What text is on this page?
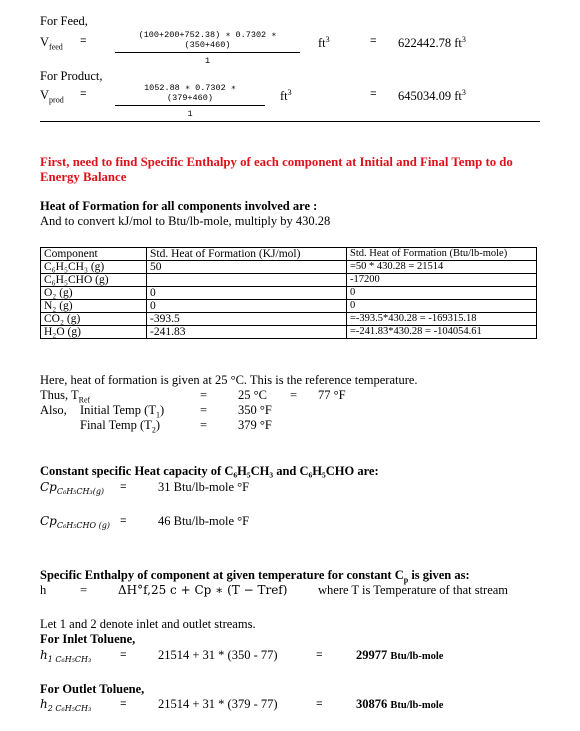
For Feed,
$V_{feed}$ =	$\frac{(100+200+752.38) ∗ 0.7302 ∗ (350+460)}{1} ft^3$	= 622442.78 $ft^3$
For Product,
$V_{prod}$ =	$\frac{1052.88 ∗ 0.7302 ∗ (379+460)}{1} ft^3$	= 645034.09 $ft^3$
First, need to find Specific Enthalpy of each component at Initial and Final Temp to do Energy Balance
Heat of Formation for all components involved are :
And to convert kJ/mol to Btu/lb-mole, multiply by 430.28
Component	Std. Heat of Formation (KJ/mol)	Std. Heat of Formation (Btu/lb-mole)
C₆H₅CH₃ (g)	50	=50 * 430.28 = 21514
C₆H₅CHO (g)		-17200
O₂ (g)	0	0
N₂ (g)	0	0
CO₂ (g)	-393.5	=-393.5*430.28 = -169315.18
H₂O (g)	-241.83	=-241.83*430.28 = -104054.61
Here, heat of formation is given at 25 °C. This is the reference temperature.
Thus, $T_{Ref}$	= 25 °C = 77 °F
Also, Initial Temp $(T_1)$	= 350 °F
Final Temp $(T_2)$	= 379 °F
Constant specific Heat capacity of C₆H₅CH₃ and C₆H₅CHO are:
$Cp_{C_6H_5CH_3(g)}$ =	31 Btu/lb-mole °F
$Cp_{C_6H_5CHO (g)}$ =	46 Btu/lb-mole °F
Specific Enthalpy of component at given temperature for constant $C_p$ is given as:
h	=	ΔH°f,25 c + Cp ∗ (T − Tref) where T is Temperature of that stream
Let 1 and 2 denote inlet and outlet streams.
For Inlet Toluene,
$h_{1 C_6H_5CH_3}$	=	21514 + 31 * (350 - 77)	=	29977 Btu/lb-mole
For Outlet Toluene,
$h_{2 C_6H_5CH_3}$	=	21514 + 31 * (379 - 77)	=	30876 Btu/lb-mole
